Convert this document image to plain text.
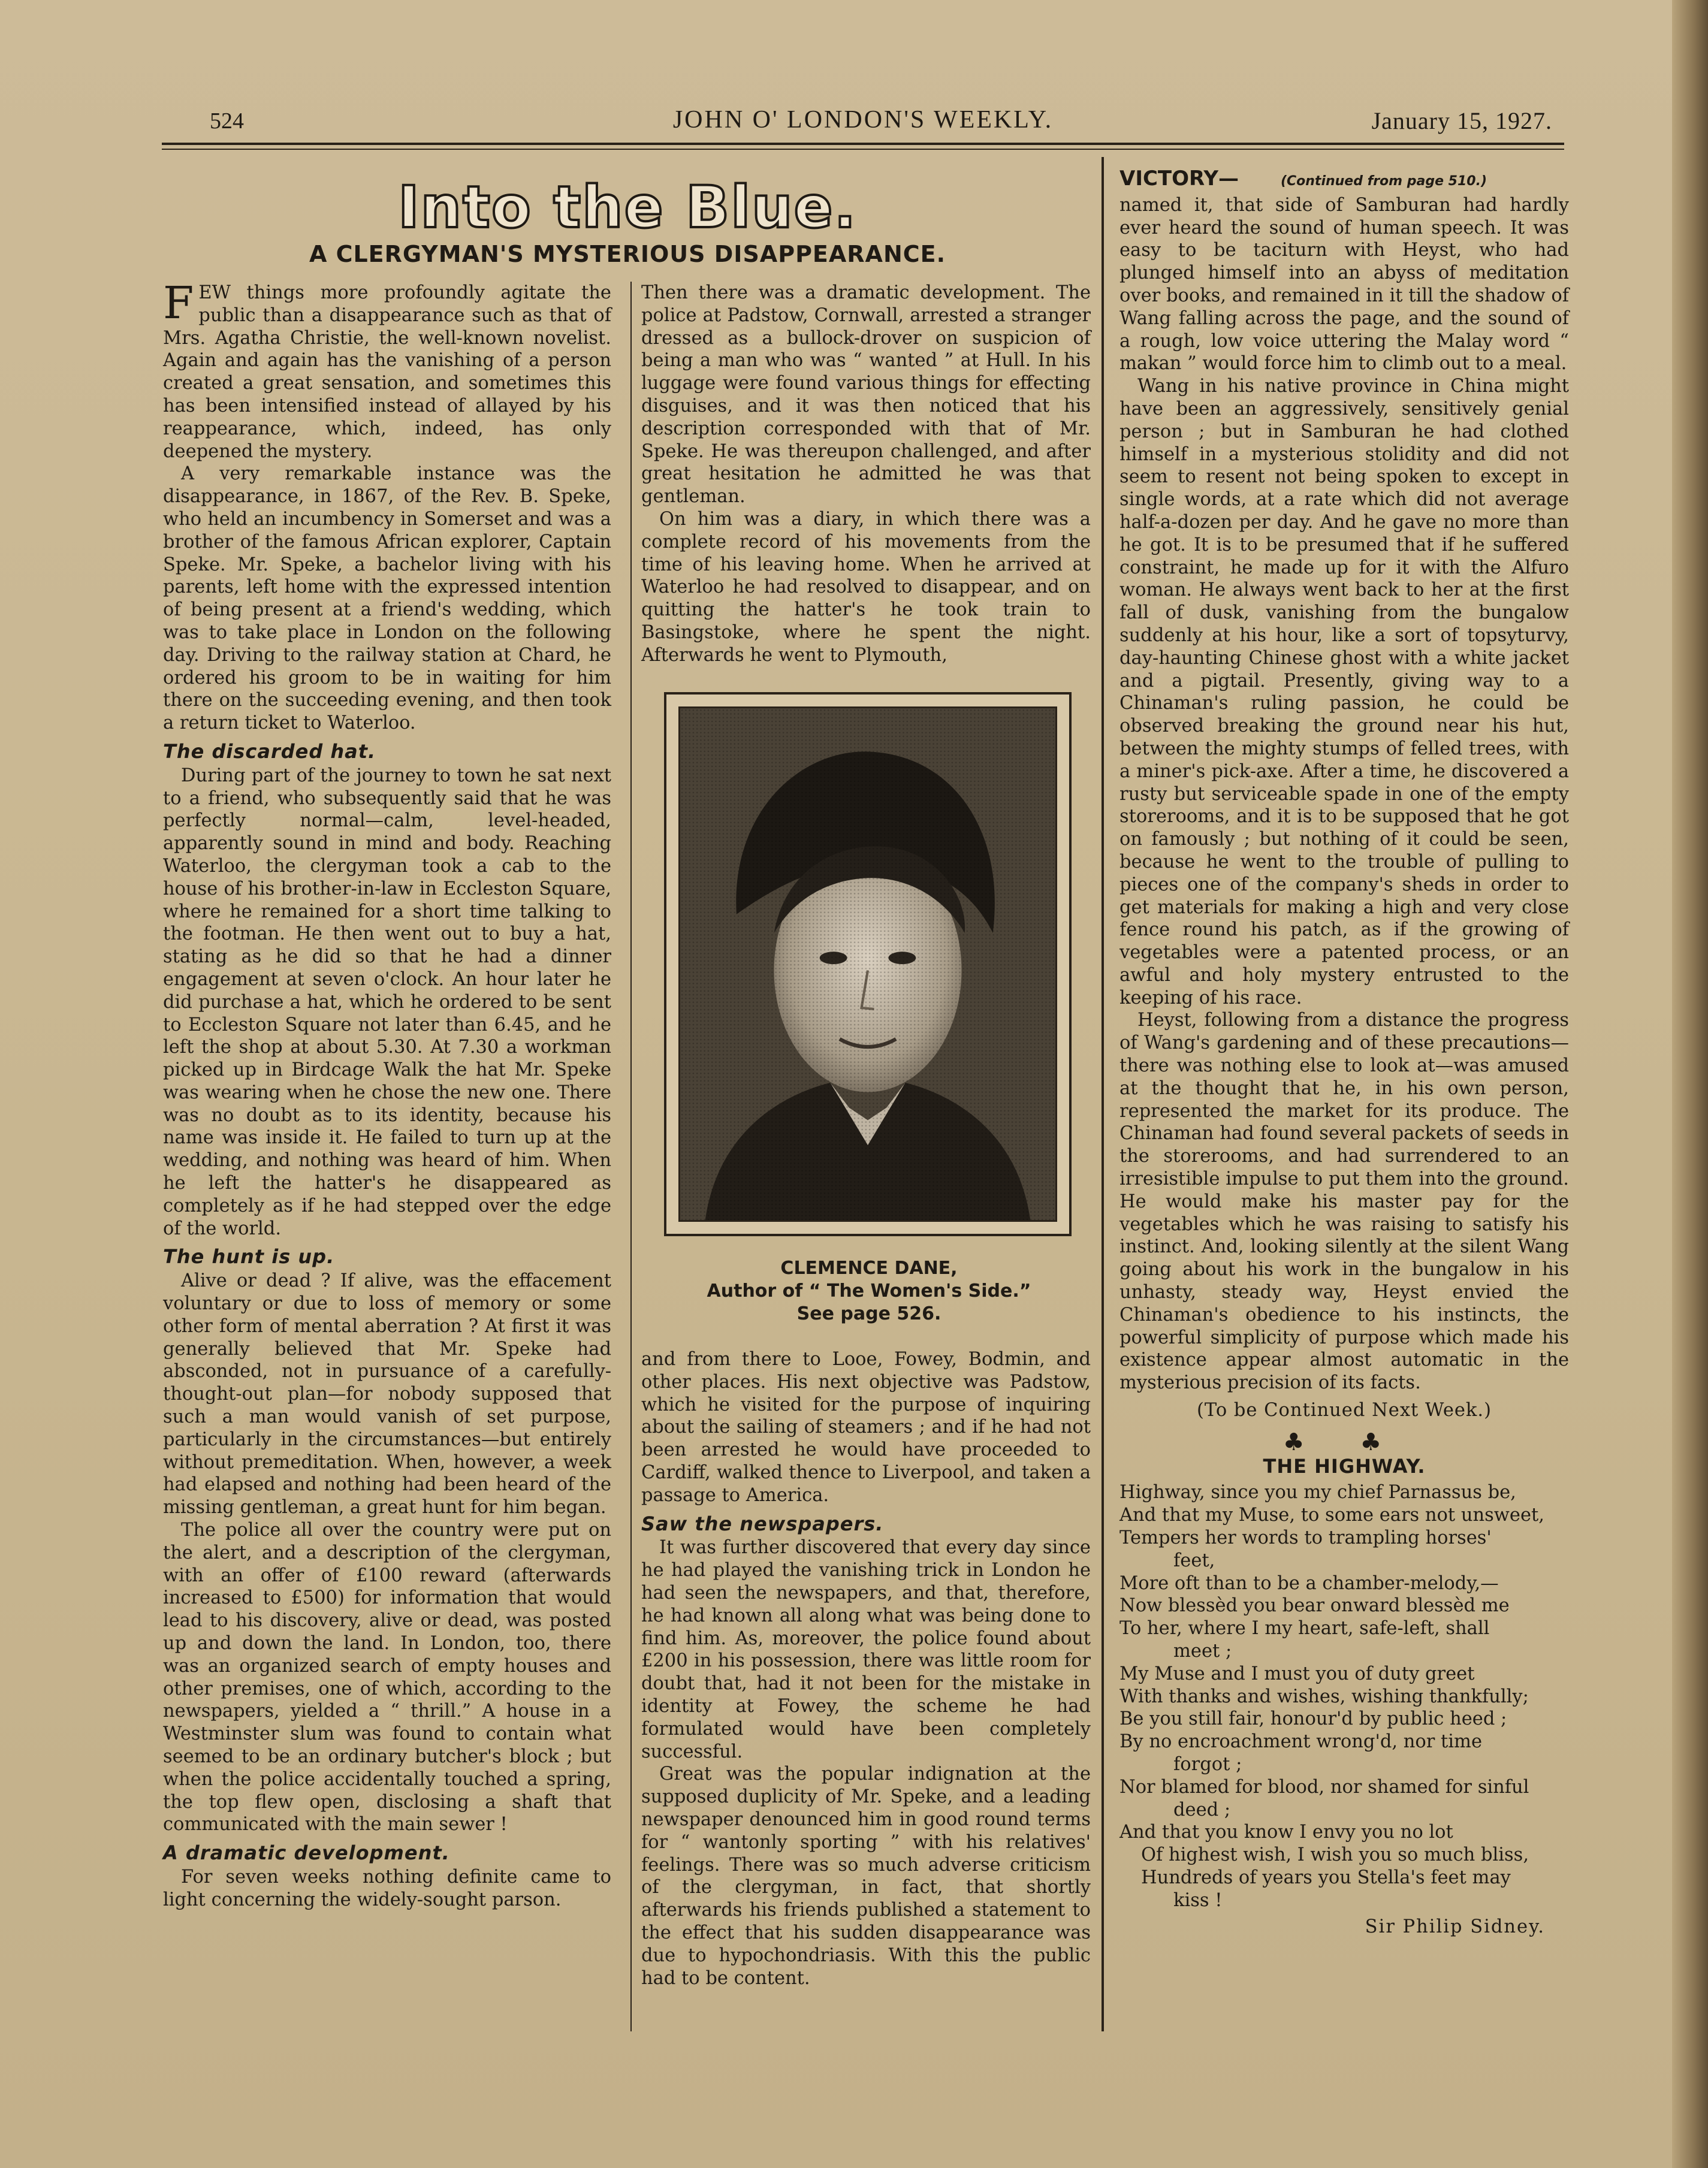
524	JOHN O' LONDON'S WEEKLY.	January 15, 1927.
Into the Blue.
A CLERGYMAN'S MYSTERIOUS DISAPPEARANCE.

FEW things more profoundly agitate the public than a disappearance such as that of Mrs. Agatha Christie, the well-known novelist. Again and again has the vanishing of a person created a great sensation, and sometimes this has been intensified instead of allayed by his reappearance, which, indeed, has only deepened the mystery.

A very remarkable instance was the disappearance, in 1867, of the Rev. B. Speke, who held an incumbency in Somerset and was a brother of the famous African explorer, Captain Speke. Mr. Speke, a bachelor living with his parents, left home with the expressed intention of being present at a friend's wedding, which was to take place in London on the following day. Driving to the railway station at Chard, he ordered his groom to be in waiting for him there on the succeeding evening, and then took a return ticket to Waterloo.

The discarded hat.

During part of the journey to town he sat next to a friend, who subsequently said that he was perfectly normal—calm, level-headed, apparently sound in mind and body. Reaching Waterloo, the clergyman took a cab to the house of his brother-in-law in Eccleston Square, where he remained for a short time talking to the footman. He then went out to buy a hat, stating as he did so that he had a dinner engagement at seven o'clock. An hour later he did purchase a hat, which he ordered to be sent to Eccleston Square not later than 6.45, and he left the shop at about 5.30. At 7.30 a workman picked up in Birdcage Walk the hat Mr. Speke was wearing when he chose the new one. There was no doubt as to its identity, because his name was inside it. He failed to turn up at the wedding, and nothing was heard of him. When he left the hatter's he disappeared as completely as if he had stepped over the edge of the world.

The hunt is up.

Alive or dead ? If alive, was the effacement voluntary or due to loss of memory or some other form of mental aberration ? At first it was generally believed that Mr. Speke had absconded, not in pursuance of a carefully-thought-out plan—for nobody supposed that such a man would vanish of set purpose, particularly in the circumstances—but entirely without premeditation. When, however, a week had elapsed and nothing had been heard of the missing gentleman, a great hunt for him began.

The police all over the country were put on the alert, and a description of the clergyman, with an offer of £100 reward (afterwards increased to £500) for information that would lead to his discovery, alive or dead, was posted up and down the land. In London, too, there was an organized search of empty houses and other premises, one of which, according to the newspapers, yielded a “ thrill.” A house in a Westminster slum was found to contain what seemed to be an ordinary butcher's block ; but when the police accidentally touched a spring, the top flew open, disclosing a shaft that communicated with the main sewer !

A dramatic development.

For seven weeks nothing definite came to light concerning the widely-sought parson.

Then there was a dramatic development. The police at Padstow, Cornwall, arrested a stranger dressed as a bullock-drover on suspicion of being a man who was “ wanted ” at Hull. In his luggage were found various things for effecting disguises, and it was then noticed that his description corresponded with that of Mr. Speke. He was thereupon challenged, and after great hesitation he admitted he was that gentleman.

On him was a diary, in which there was a complete record of his movements from the time of his leaving home. When he arrived at Waterloo he had resolved to disappear, and on quitting the hatter's he took train to Basingstoke, where he spent the night. Afterwards he went to Plymouth,

CLEMENCE DANE,
Author of “ The Women's Side.”
See page 526.

and from there to Looe, Fowey, Bodmin, and other places. His next objective was Padstow, which he visited for the purpose of inquiring about the sailing of steamers ; and if he had not been arrested he would have proceeded to Cardiff, walked thence to Liverpool, and taken a passage to America.

Saw the newspapers.

It was further discovered that every day since he had played the vanishing trick in London he had seen the newspapers, and that, therefore, he had known all along what was being done to find him. As, moreover, the police found about £200 in his possession, there was little room for doubt that, had it not been for the mistake in identity at Fowey, the scheme he had formulated would have been completely successful.

Great was the popular indignation at the supposed duplicity of Mr. Speke, and a leading newspaper denounced him in good round terms for “ wantonly sporting ” with his relatives' feelings. There was so much adverse criticism of the clergyman, in fact, that shortly afterwards his friends published a statement to the effect that his sudden disappearance was due to hypochondriasis. With this the public had to be content.

VICTORY—	(Continued from page 510.)

named it, that side of Samburan had hardly ever heard the sound of human speech. It was easy to be taciturn with Heyst, who had plunged himself into an abyss of meditation over books, and remained in it till the shadow of Wang falling across the page, and the sound of a rough, low voice uttering the Malay word “ makan ” would force him to climb out to a meal.

Wang in his native province in China might have been an aggressively, sensitively genial person ; but in Samburan he had clothed himself in a mysterious stolidity and did not seem to resent not being spoken to except in single words, at a rate which did not average half-a-dozen per day. And he gave no more than he got. It is to be presumed that if he suffered constraint, he made up for it with the Alfuro woman. He always went back to her at the first fall of dusk, vanishing from the bungalow suddenly at his hour, like a sort of topsyturvy, day-haunting Chinese ghost with a white jacket and a pigtail. Presently, giving way to a Chinaman's ruling passion, he could be observed breaking the ground near his hut, between the mighty stumps of felled trees, with a miner's pick-axe. After a time, he discovered a rusty but serviceable spade in one of the empty storerooms, and it is to be supposed that he got on famously ; but nothing of it could be seen, because he went to the trouble of pulling to pieces one of the company's sheds in order to get materials for making a high and very close fence round his patch, as if the growing of vegetables were a patented process, or an awful and holy mystery entrusted to the keeping of his race.

Heyst, following from a distance the progress of Wang's gardening and of these precautions—there was nothing else to look at—was amused at the thought that he, in his own person, represented the market for its produce. The Chinaman had found several packets of seeds in the storerooms, and had surrendered to an irresistible impulse to put them into the ground. He would make his master pay for the vegetables which he was raising to satisfy his instinct. And, looking silently at the silent Wang going about his work in the bungalow in his unhasty, steady way, Heyst envied the Chinaman's obedience to his instincts, the powerful simplicity of purpose which made his existence appear almost automatic in the mysterious precision of its facts.

(To be Continued Next Week.)
♣ ♣
THE HIGHWAY.
Highway, since you my chief Parnassus be,
And that my Muse, to some ears not unsweet,
Tempers her words to trampling horses'
feet,
More oft than to be a chamber-melody,—
Now blessèd you bear onward blessèd me
To her, where I my heart, safe-left, shall
meet ;
My Muse and I must you of duty greet
With thanks and wishes, wishing thankfully;
Be you still fair, honour'd by public heed ;
By no encroachment wrong'd, nor time
forgot ;
Nor blamed for blood, nor shamed for sinful
deed ;
And that you know I envy you no lot
Of highest wish, I wish you so much bliss,
Hundreds of years you Stella's feet may
kiss !
Sir Philip Sidney.
